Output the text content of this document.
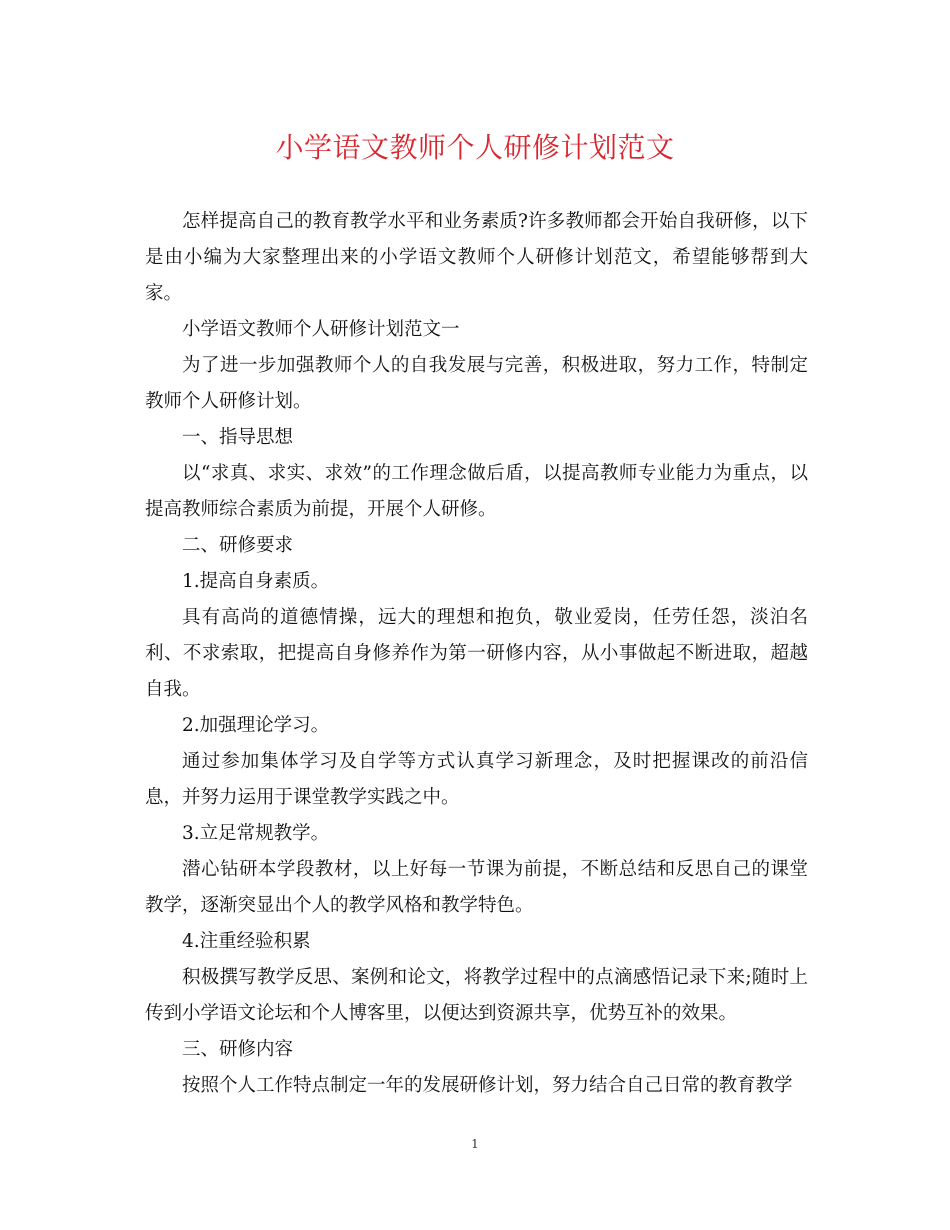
小学语文教师个人研修计划范文

怎样提高自己的教育教学水平和业务素质?许多教师都会开始自我研修，以下是由小编为大家整理出来的小学语文教师个人研修计划范文，希望能够帮到大家。

小学语文教师个人研修计划范文一

为了进一步加强教师个人的自我发展与完善，积极进取，努力工作，特制定教师个人研修计划。

一、指导思想

以“求真、求实、求效”的工作理念做后盾，以提高教师专业能力为重点，以提高教师综合素质为前提，开展个人研修。

二、研修要求

1.提高自身素质。

具有高尚的道德情操，远大的理想和抱负，敬业爱岗，任劳任怨，淡泊名利、不求索取，把提高自身修养作为第一研修内容，从小事做起不断进取，超越自我。

2.加强理论学习。

通过参加集体学习及自学等方式认真学习新理念，及时把握课改的前沿信息，并努力运用于课堂教学实践之中。

3.立足常规教学。

潜心钻研本学段教材，以上好每一节课为前提，不断总结和反思自己的课堂教学，逐渐突显出个人的教学风格和教学特色。

4.注重经验积累

积极撰写教学反思、案例和论文，将教学过程中的点滴感悟记录下来;随时上传到小学语文论坛和个人博客里，以便达到资源共享，优势互补的效果。

三、研修内容

按照个人工作特点制定一年的发展研修计划，努力结合自己日常的教育教学

1
